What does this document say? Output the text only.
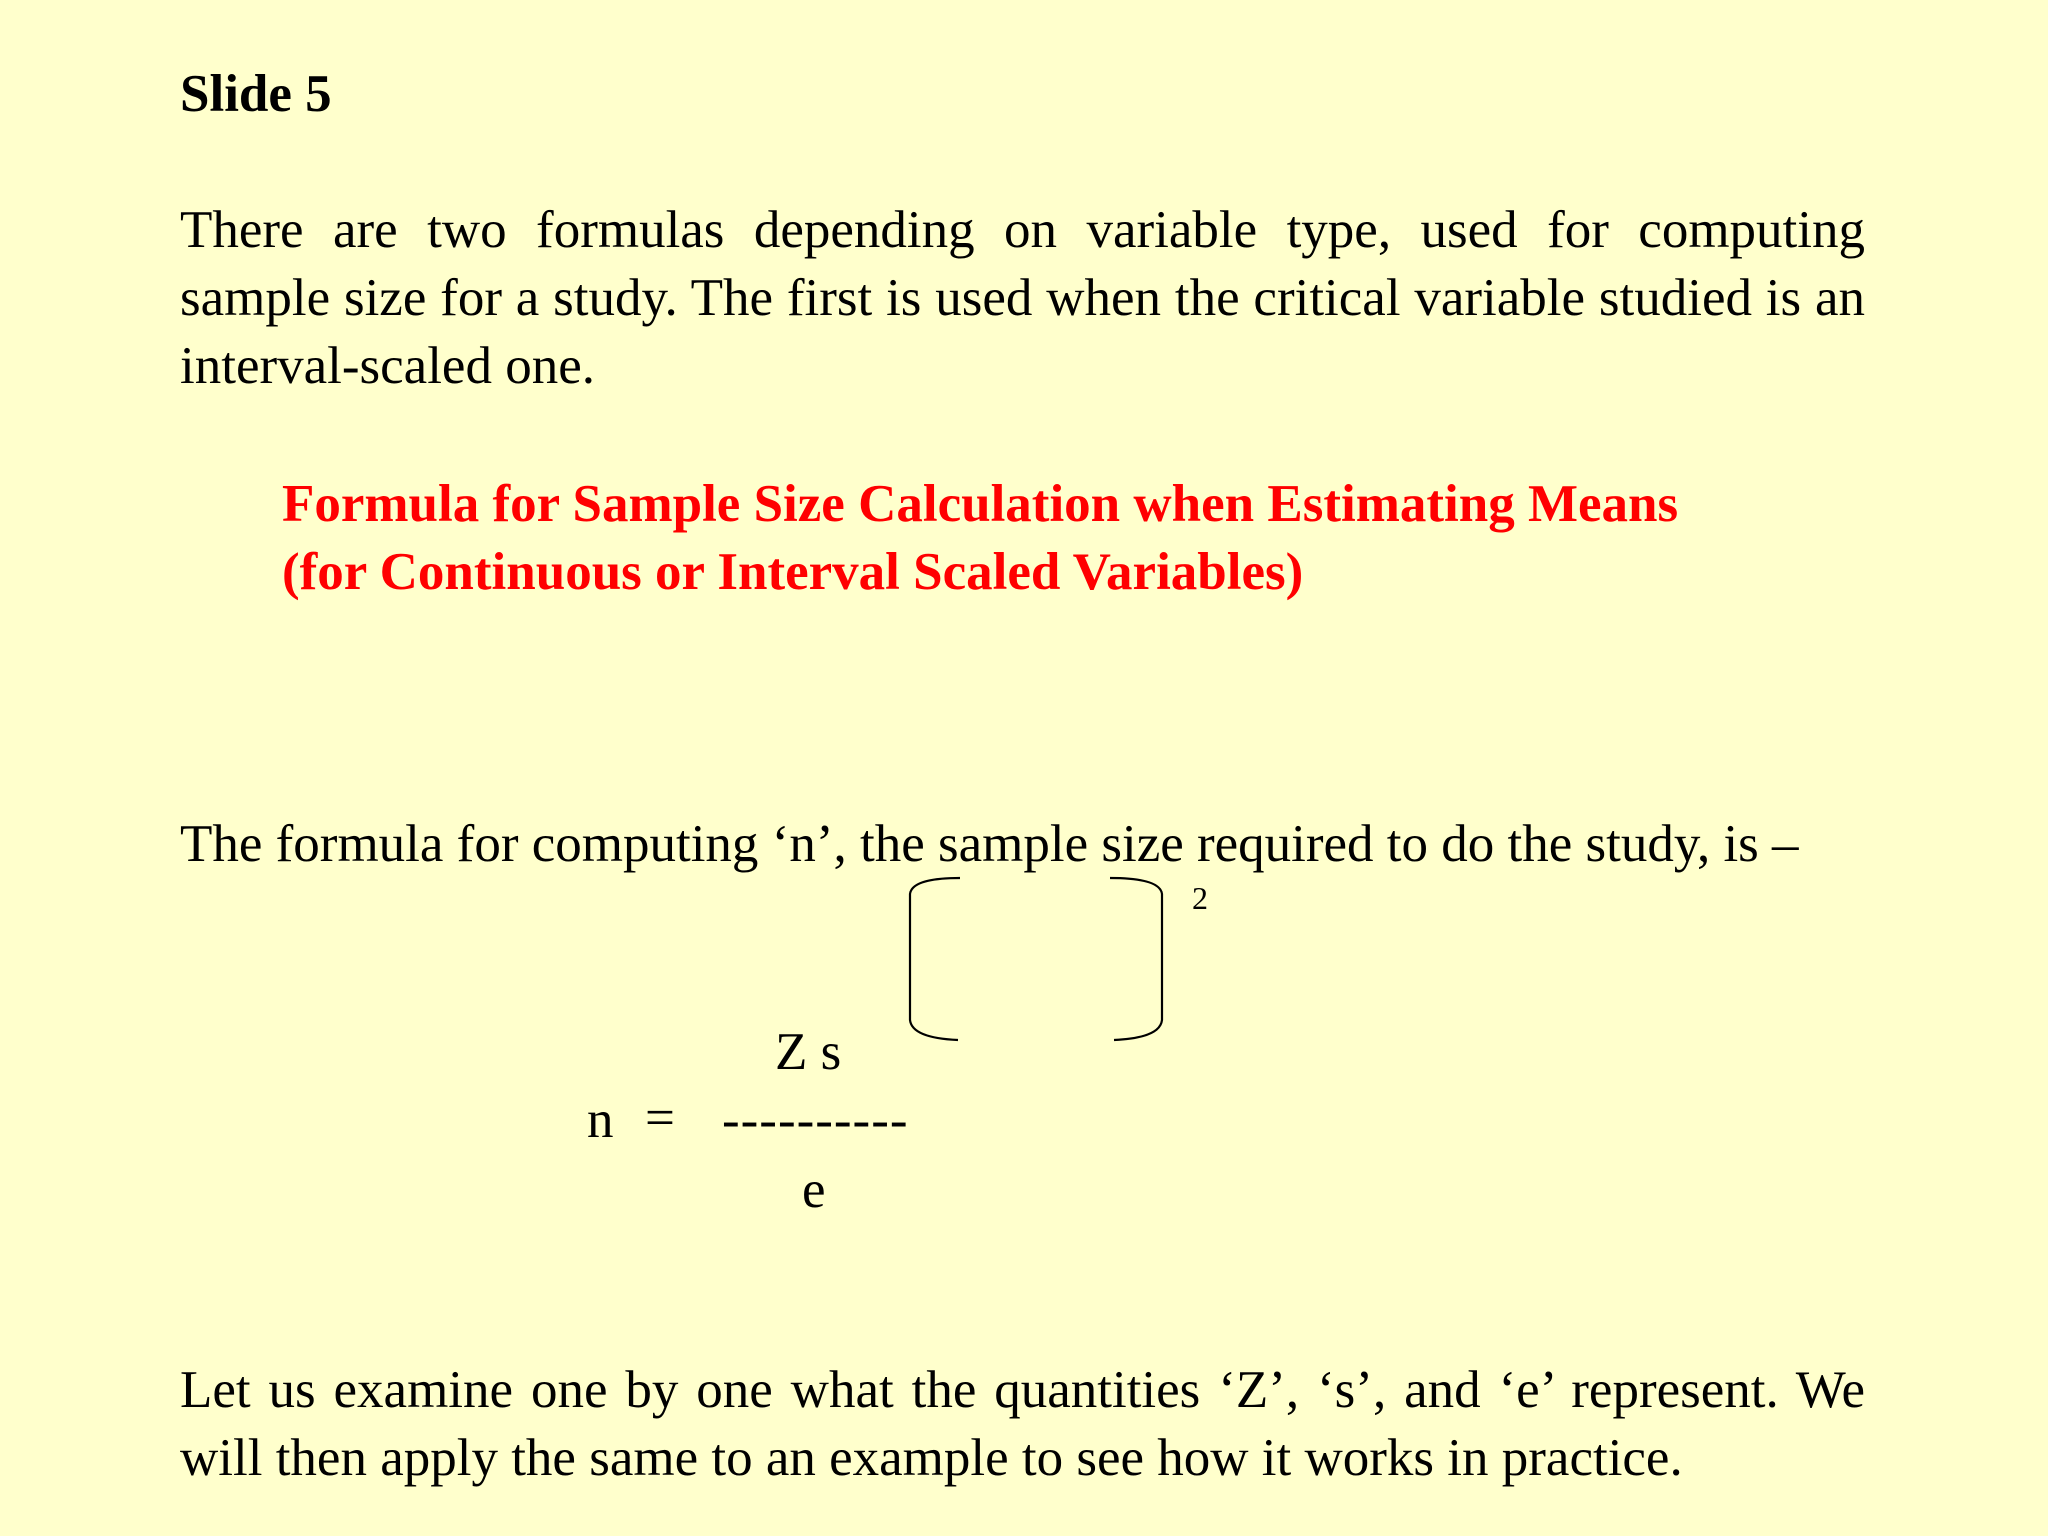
Slide 5

There are two formulas depending on variable type, used for computing sample size for a study. The first is used when the critical variable studied is an interval-scaled one.

Formula for Sample Size Calculation when Estimating Means
(for Continuous or Interval Scaled Variables)

The formula for computing ‘n’, the sample size required to do the study, is –

2
Z s
n = ----------
e

Let us examine one by one what the quantities ‘Z’, ‘s’, and ‘e’ represent. We will then apply the same to an example to see how it works in practice.
